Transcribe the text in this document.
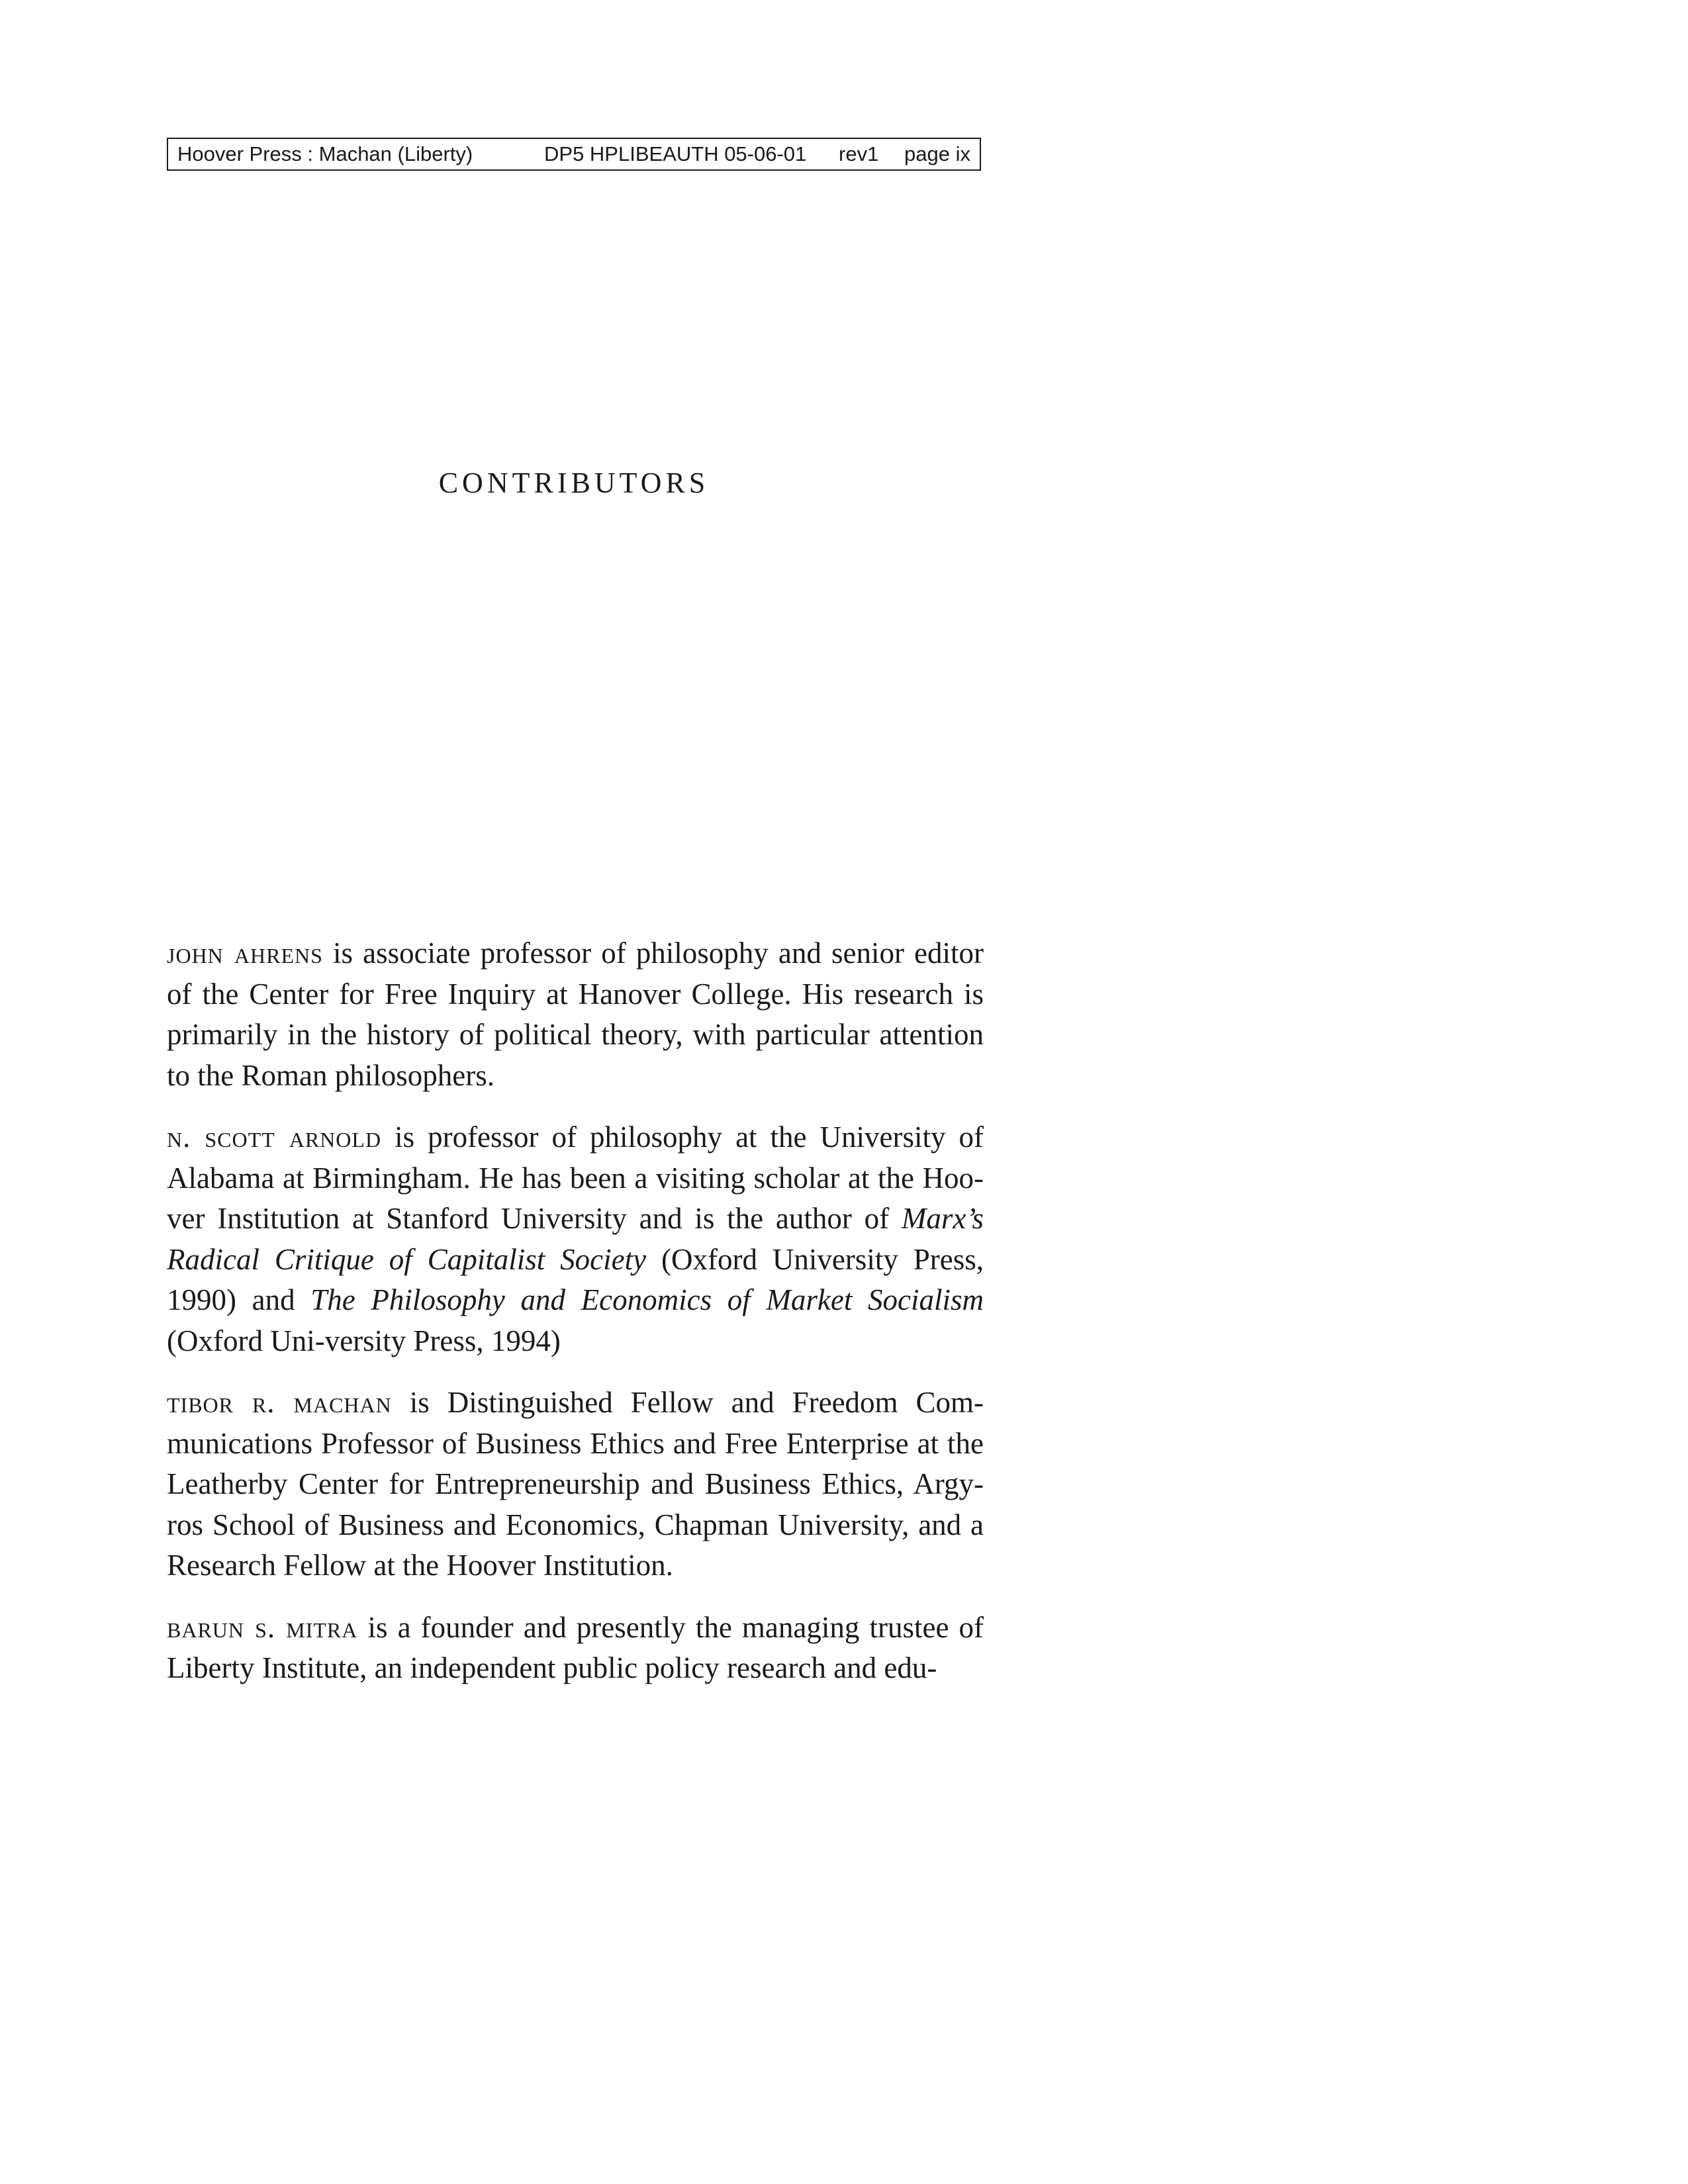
Hoover Press : Machan (Liberty)	DP5 HPLIBEAUTH 05-06-01 rev1 page ix
CONTRIBUTORS

john ahrens is associate professor of philosophy and senior editor of the Center for Free Inquiry at Hanover College. His research is primarily in the history of political theory, with particular attention to the Roman philosophers.

n. scott arnold is professor of philosophy at the University of Alabama at Birmingham. He has been a visiting scholar at the Hoo-ver Institution at Stanford University and is the author of Marx’s Radical Critique of Capitalist Society (Oxford University Press, 1990) and The Philosophy and Economics of Market Socialism (Oxford Uni-versity Press, 1994)

tibor r. machan is Distinguished Fellow and Freedom Com-munications Professor of Business Ethics and Free Enterprise at the Leatherby Center for Entrepreneurship and Business Ethics, Argy-ros School of Business and Economics, Chapman University, and a Research Fellow at the Hoover Institution.

barun s. mitra is a founder and presently the managing trustee of Liberty Institute, an independent public policy research and edu-
